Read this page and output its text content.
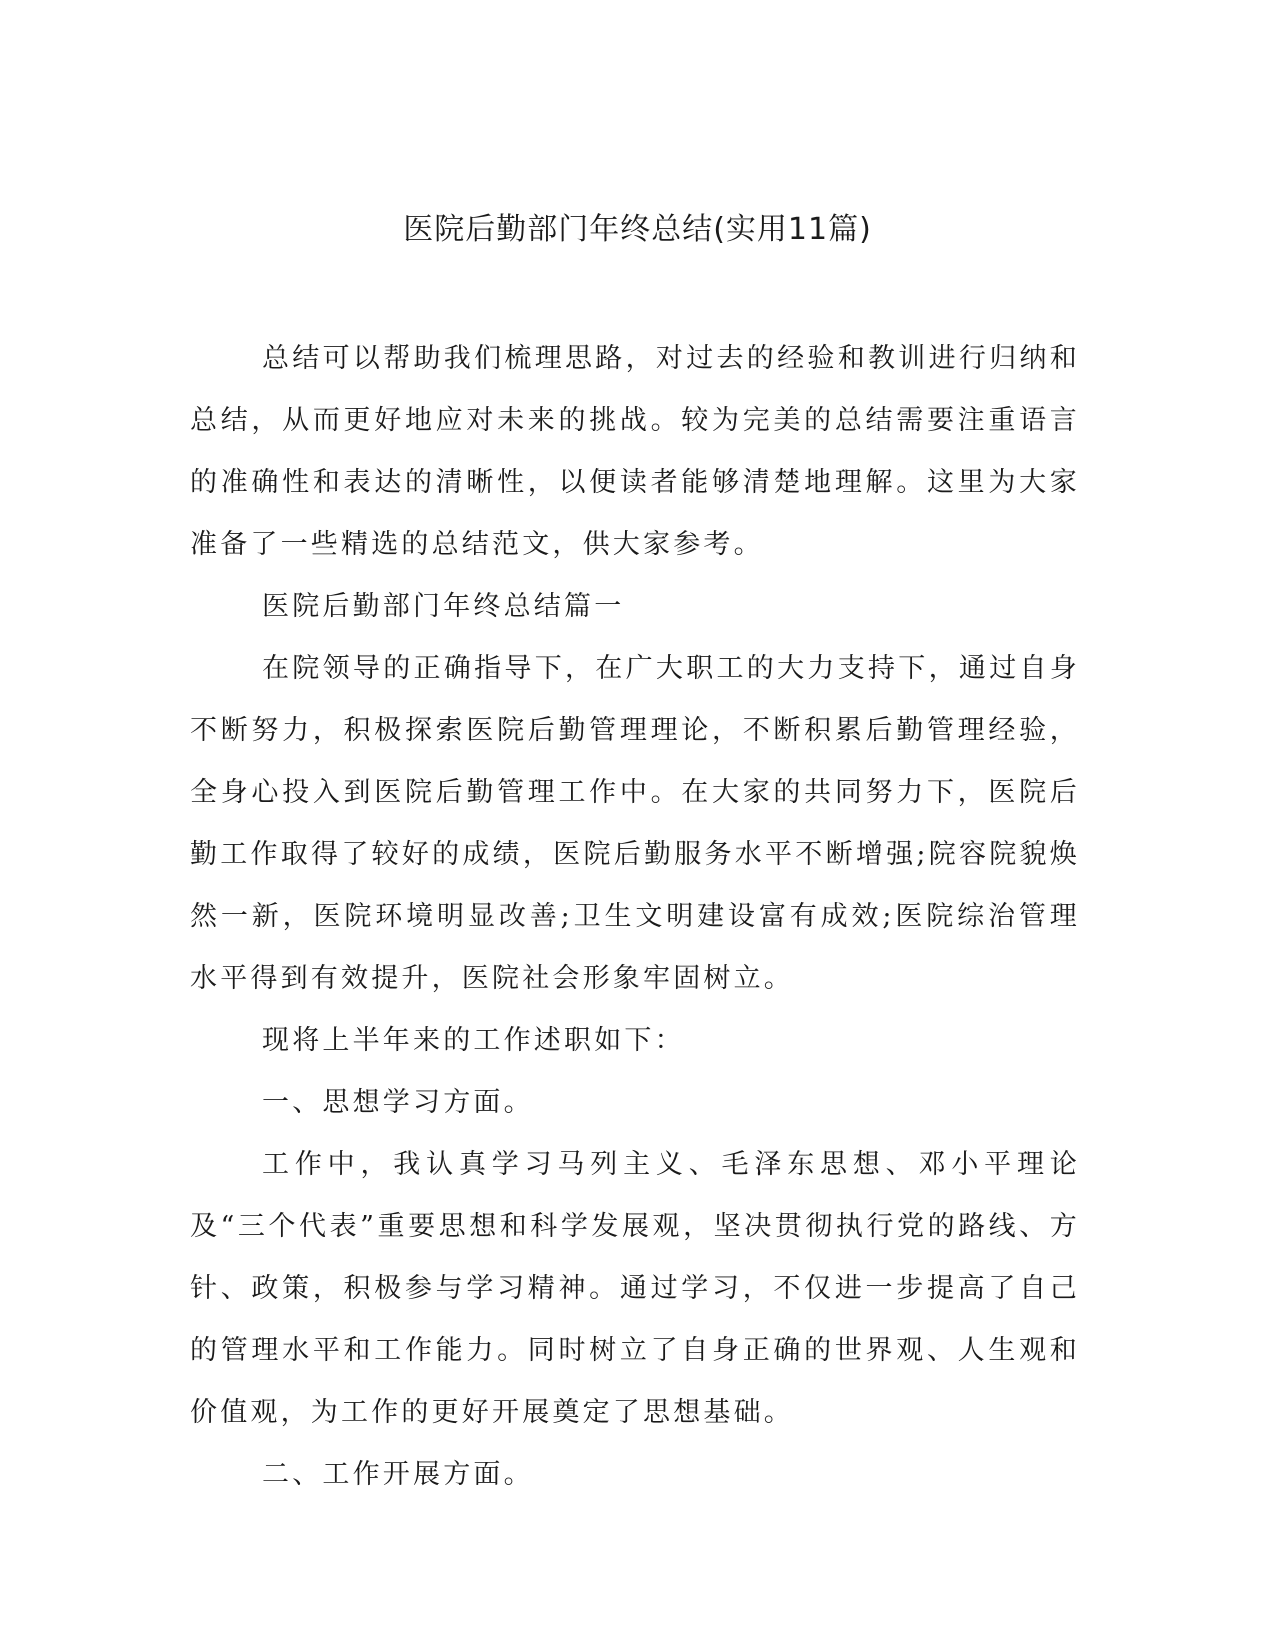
医院后勤部门年终总结(实用11篇)

总结可以帮助我们梳理思路，对过去的经验和教训进行归纳和总结，从而更好地应对未来的挑战。较为完美的总结需要注重语言的准确性和表达的清晰性，以便读者能够清楚地理解。这里为大家准备了一些精选的总结范文，供大家参考。

医院后勤部门年终总结篇一

在院领导的正确指导下，在广大职工的大力支持下，通过自身不断努力，积极探索医院后勤管理理论，不断积累后勤管理经验，全身心投入到医院后勤管理工作中。在大家的共同努力下，医院后勤工作取得了较好的成绩，医院后勤服务水平不断增强;院容院貌焕然一新，医院环境明显改善;卫生文明建设富有成效;医院综治管理水平得到有效提升，医院社会形象牢固树立。

现将上半年来的工作述职如下：

一、思想学习方面。

工作中，我认真学习马列主义、毛泽东思想、邓小平理论及“三个代表”重要思想和科学发展观，坚决贯彻执行党的路线、方针、政策，积极参与学习精神。通过学习，不仅进一步提高了自己的管理水平和工作能力。同时树立了自身正确的世界观、人生观和价值观，为工作的更好开展奠定了思想基础。

二、工作开展方面。
